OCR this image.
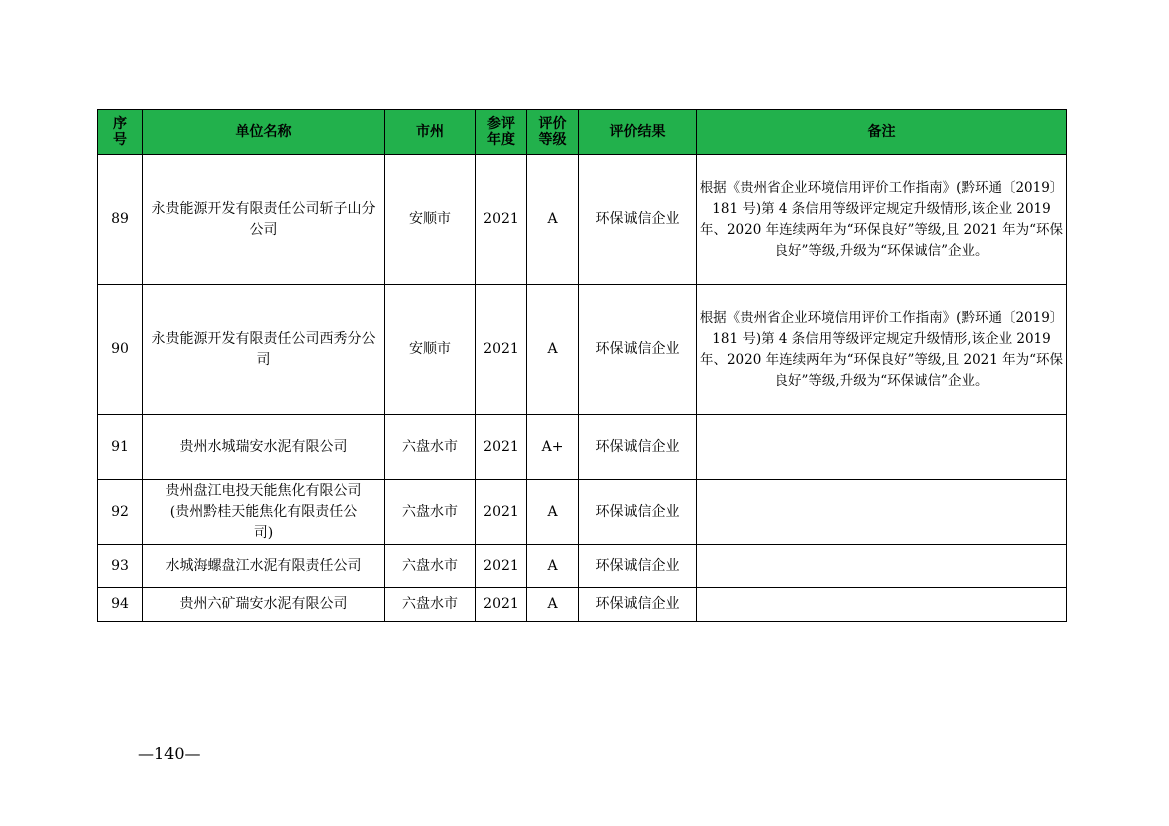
序号	单位名称	市州	参评年度	评价等级	评价结果	备注
89	永贵能源开发有限责任公司斩子山分公司	安顺市	2021	A	环保诚信企业	根据《贵州省企业环境信用评价工作指南》(黔环通〔2019〕181 号)第 4 条信用等级评定规定升级情形,该企业 2019 年、2020 年连续两年为“环保良好”等级,且 2021 年为“环保良好”等级,升级为“环保诚信”企业。
90	永贵能源开发有限责任公司西秀分公司	安顺市	2021	A	环保诚信企业	根据《贵州省企业环境信用评价工作指南》(黔环通〔2019〕181 号)第 4 条信用等级评定规定升级情形,该企业 2019 年、2020 年连续两年为“环保良好”等级,且 2021 年为“环保良好”等级,升级为“环保诚信”企业。
91	贵州水城瑞安水泥有限公司	六盘水市	2021	A+	环保诚信企业	
92	贵州盘江电投天能焦化有限公司(贵州黔桂天能焦化有限责任公司)	六盘水市	2021	A	环保诚信企业	
93	水城海螺盘江水泥有限责任公司	六盘水市	2021	A	环保诚信企业	
94	贵州六矿瑞安水泥有限公司	六盘水市	2021	A	环保诚信企业	
—140—
